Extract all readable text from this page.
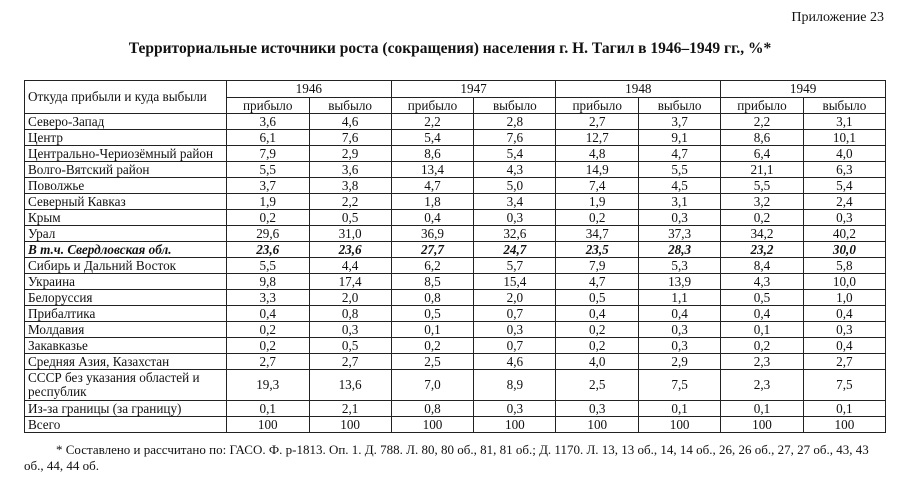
Приложение 23
Территориальные источники роста (сокращения) населения г. Н. Тагил в 1946–1949 гг., %*
Откуда прибыли и куда выбыли	1946		1947		1948		1949	
	прибыло	выбыло	прибыло	выбыло	прибыло	выбыло	прибыло	выбыло
Северо-Запад	3,6	4,6	2,2	2,8	2,7	3,7	2,2	3,1
Центр	6,1	7,6	5,4	7,6	12,7	9,1	8,6	10,1
Центрально-Чериозёмный район	7,9	2,9	8,6	5,4	4,8	4,7	6,4	4,0
Волго-Вятский район	5,5	3,6	13,4	4,3	14,9	5,5	21,1	6,3
Поволжье	3,7	3,8	4,7	5,0	7,4	4,5	5,5	5,4
Северный Кавказ	1,9	2,2	1,8	3,4	1,9	3,1	3,2	2,4
Крым	0,2	0,5	0,4	0,3	0,2	0,3	0,2	0,3
Урал	29,6	31,0	36,9	32,6	34,7	37,3	34,2	40,2
В т.ч. Свердловская обл.	23,6	23,6	27,7	24,7	23,5	28,3	23,2	30,0
Сибирь и Дальний Восток	5,5	4,4	6,2	5,7	7,9	5,3	8,4	5,8
Украина	9,8	17,4	8,5	15,4	4,7	13,9	4,3	10,0
Белоруссия	3,3	2,0	0,8	2,0	0,5	1,1	0,5	1,0
Прибалтика	0,4	0,8	0,5	0,7	0,4	0,4	0,4	0,4
Молдавия	0,2	0,3	0,1	0,3	0,2	0,3	0,1	0,3
Закавказье	0,2	0,5	0,2	0,7	0,2	0,3	0,2	0,4
Средняя Азия, Казахстан	2,7	2,7	2,5	4,6	4,0	2,9	2,3	2,7
СССР без указания областей и республик	19,3	13,6	7,0	8,9	2,5	7,5	2,3	7,5
Из-за границы (за границу)	0,1	2,1	0,8	0,3	0,3	0,1	0,1	0,1
Всего	100	100	100	100	100	100	100	100
* Составлено и рассчитано по: ГАСО. Ф. р-1813. Оп. 1. Д. 788. Л. 80, 80 об., 81, 81 об.; Д. 1170. Л. 13, 13 об., 14, 14 об., 26, 26 об., 27, 27 об., 43, 43 об., 44, 44 об.
